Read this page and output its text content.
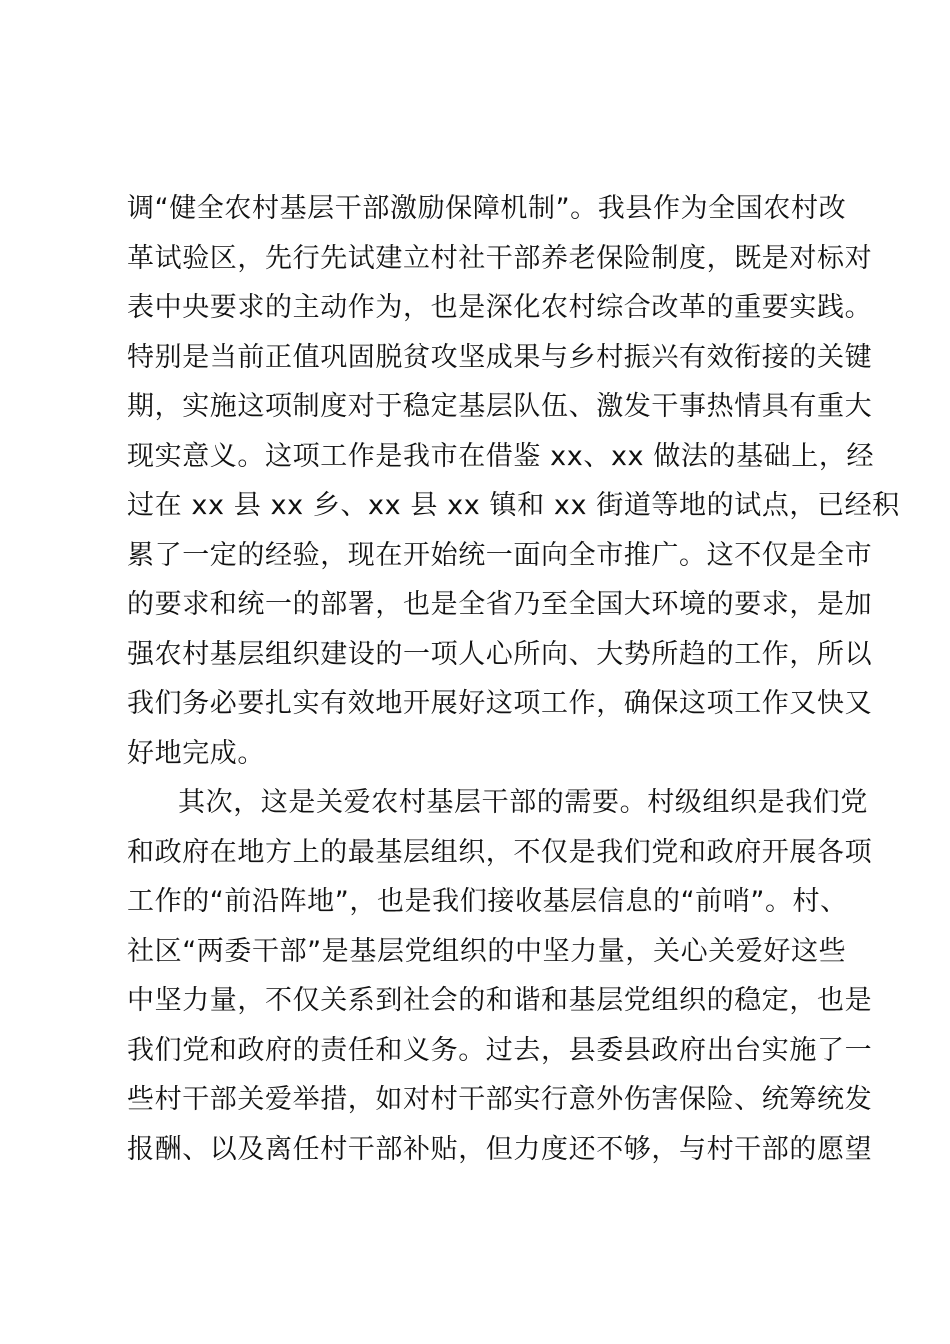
调“健全农村基层干部激励保障机制”。我县作为全国农村改
革试验区，先行先试建立村社干部养老保险制度，既是对标对
表中央要求的主动作为，也是深化农村综合改革的重要实践。
特别是当前正值巩固脱贫攻坚成果与乡村振兴有效衔接的关键
期，实施这项制度对于稳定基层队伍、激发干事热情具有重大
现实意义。这项工作是我市在借鉴 xx、xx 做法的基础上，经
过在 xx 县 xx 乡、xx 县 xx 镇和 xx 街道等地的试点，已经积
累了一定的经验，现在开始统一面向全市推广。这不仅是全市
的要求和统一的部署，也是全省乃至全国大环境的要求，是加
强农村基层组织建设的一项人心所向、大势所趋的工作，所以
我们务必要扎实有效地开展好这项工作，确保这项工作又快又
好地完成。
其次，这是关爱农村基层干部的需要。村级组织是我们党
和政府在地方上的最基层组织，不仅是我们党和政府开展各项
工作的“前沿阵地”，也是我们接收基层信息的“前哨”。村、
社区“两委干部”是基层党组织的中坚力量，关心关爱好这些
中坚力量，不仅关系到社会的和谐和基层党组织的稳定，也是
我们党和政府的责任和义务。过去，县委县政府出台实施了一
些村干部关爱举措，如对村干部实行意外伤害保险、统筹统发
报酬、以及离任村干部补贴，但力度还不够，与村干部的愿望
